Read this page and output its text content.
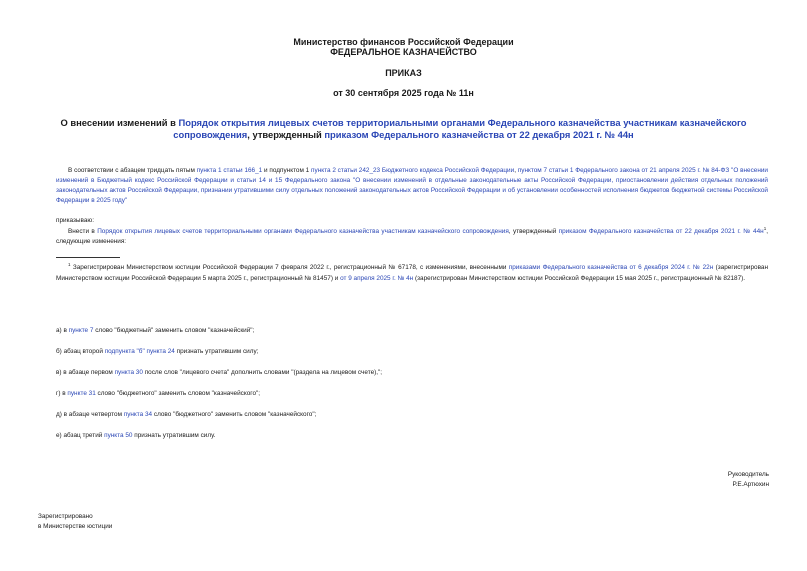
Министерство финансов Российской Федерации
ФЕДЕРАЛЬНОЕ КАЗНАЧЕЙСТВО
ПРИКАЗ
от 30 сентября 2025 года № 11н
О внесении изменений в Порядок открытия лицевых счетов территориальными органами Федерального казначейства участникам казначейского сопровождения, утвержденный приказом Федерального казначейства от 22 декабря 2021 г. № 44н
В соответствии с абзацем тридцать пятым пункта 1 статьи 166_1 и подпунктом 1 пункта 2 статьи 242_23 Бюджетного кодекса Российской Федерации, пунктом 7 статьи 1 Федерального закона от 21 апреля 2025 г. № 84-ФЗ "О внесении изменений в Бюджетный кодекс Российской Федерации и статьи 14 и 15 Федерального закона "О внесении изменений в отдельные законодательные акты Российской Федерации, приостановлении действия отдельных положений законодательных актов Российской Федерации, признании утратившими силу отдельных положений законодательных актов Российской Федерации и об установлении особенностей исполнения бюджетов бюджетной системы Российской Федерации в 2025 году"
приказываю:
Внести в Порядок открытия лицевых счетов территориальными органами Федерального казначейства участникам казначейского сопровождения, утвержденный приказом Федерального казначейства от 22 декабря 2021 г. № $44н^1$, следующие изменения:
$^1$ Зарегистрирован Министерством юстиции Российской Федерации 7 февраля 2022 г., регистрационный № 67178, с изменениями, внесенными приказами Федерального казначейства от 6 декабря 2024 г. № 22н (зарегистрирован Министерством юстиции Российской Федерации 5 марта 2025 г., регистрационный № 81457) и от 9 апреля 2025 г. № 4н (зарегистрирован Министерством юстиции Российской Федерации 15 мая 2025 г., регистрационный № 82187).
а) в пункте 7 слово "бюджетный" заменить словом "казначейский";
б) абзац второй подпункта "б" пункта 24 признать утратившим силу;
в) в абзаце первом пункта 30 после слов "лицевого счета" дополнить словами "(раздела на лицевом счете),";
г) в пункте 31 слово "бюджетного" заменить словом "казначейского";
д) в абзаце четвертом пункта 34 слово "бюджетного" заменить словом "казначейского";
е) абзац третий пункта 50 признать утратившим силу.
Руководитель
Р.Е.Артюхин
Зарегистрировано
в Министерстве юстиции
